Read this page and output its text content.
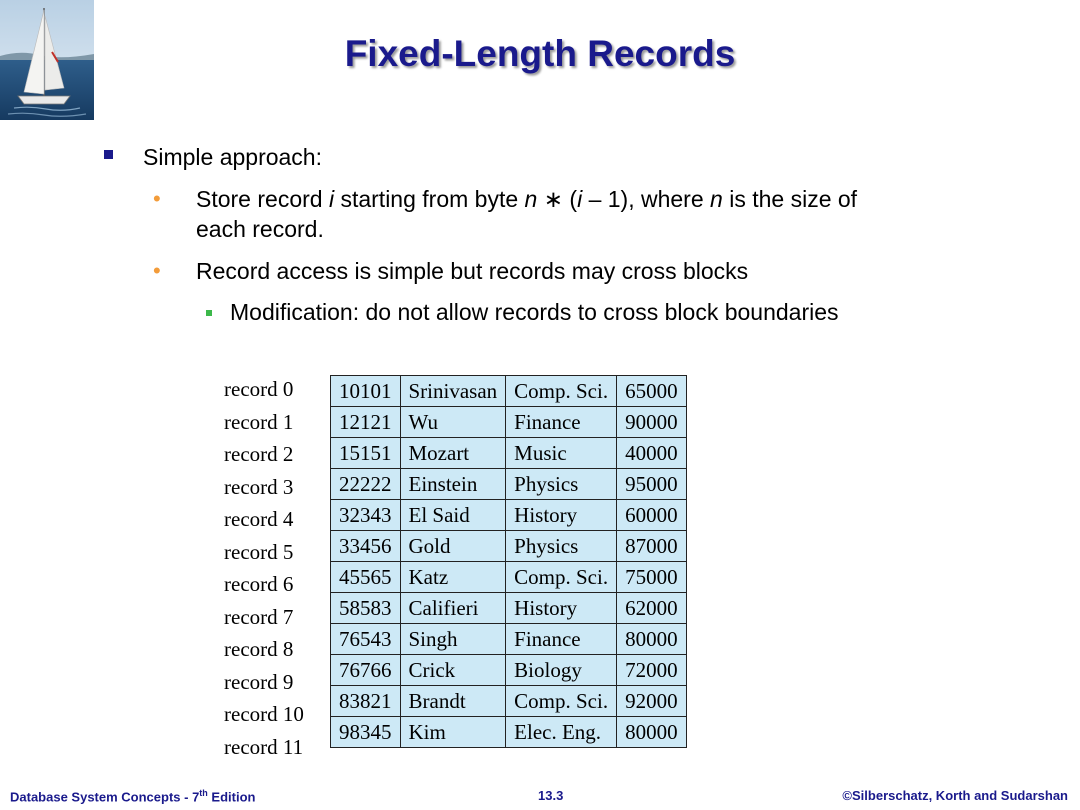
Fixed-Length Records
Simple approach:
• Store record i starting from byte n ∗ (i – 1), where n is the size of
each record.
• Record access is simple but records may cross blocks
Modification: do not allow records to cross block boundaries
record 0
record 1
record 2
record 3
record 4
record 5
record 6
record 7
record 8
record 9
record 10
record 11
10101	Srinivasan	Comp. Sci.	65000
12121	Wu	Finance	90000
15151	Mozart	Music	40000
22222	Einstein	Physics	95000
32343	El Said	History	60000
33456	Gold	Physics	87000
45565	Katz	Comp. Sci.	75000
58583	Califieri	History	62000
76543	Singh	Finance	80000
76766	Crick	Biology	72000
83821	Brandt	Comp. Sci.	92000
98345	Kim	Elec. Eng.	80000
Database System Concepts - 7th Edition	13.3	©Silberschatz, Korth and Sudarshan
